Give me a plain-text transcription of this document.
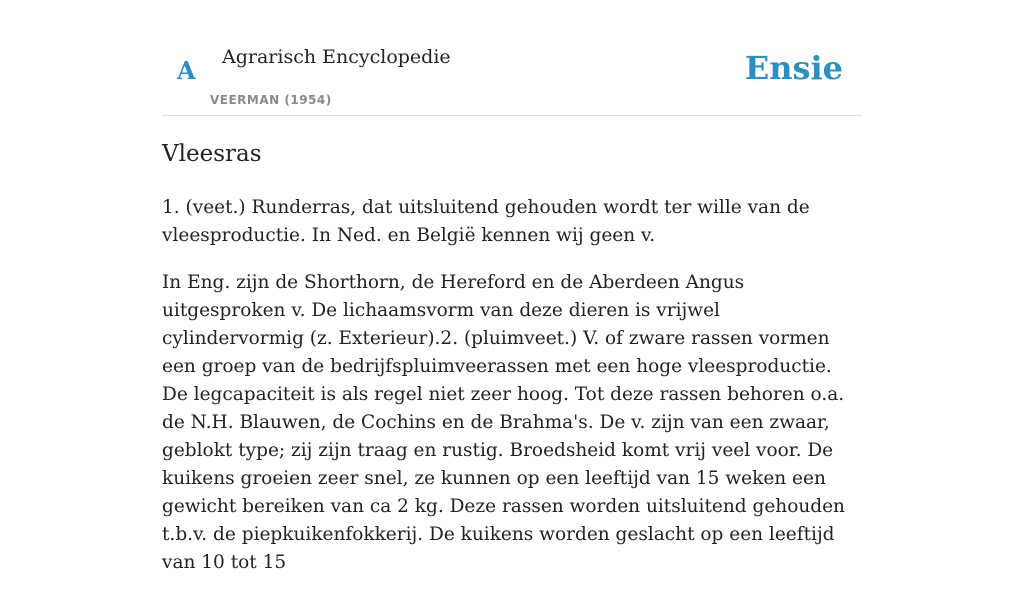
A Agrarisch Encyclopedie
VEERMAN (1954)
Ensie
Vleesras

1. (veet.) Runderras, dat uitsluitend gehouden wordt ter wille van de vleesproductie. In Ned. en België kennen wij geen v.

In Eng. zijn de Shorthorn, de Hereford en de Aberdeen Angus uitgesproken v. De lichaamsvorm van deze dieren is vrijwel cylindervormig (z. Exterieur).2. (pluimveet.) V. of zware rassen vormen een groep van de bedrijfspluimveerassen met een hoge vleesproductie. De legcapaciteit is als regel niet zeer hoog. Tot deze rassen behoren o.a. de N.H. Blauwen, de Cochins en de Brahma's. De v. zijn van een zwaar, geblokt type; zij zijn traag en rustig. Broedsheid komt vrij veel voor. De kuikens groeien zeer snel, ze kunnen op een leeftijd van 15 weken een gewicht bereiken van ca 2 kg. Deze rassen worden uitsluitend gehouden t.b.v. de piepkuikenfokkerij. De kuikens worden geslacht op een leeftijd van 10 tot 15
